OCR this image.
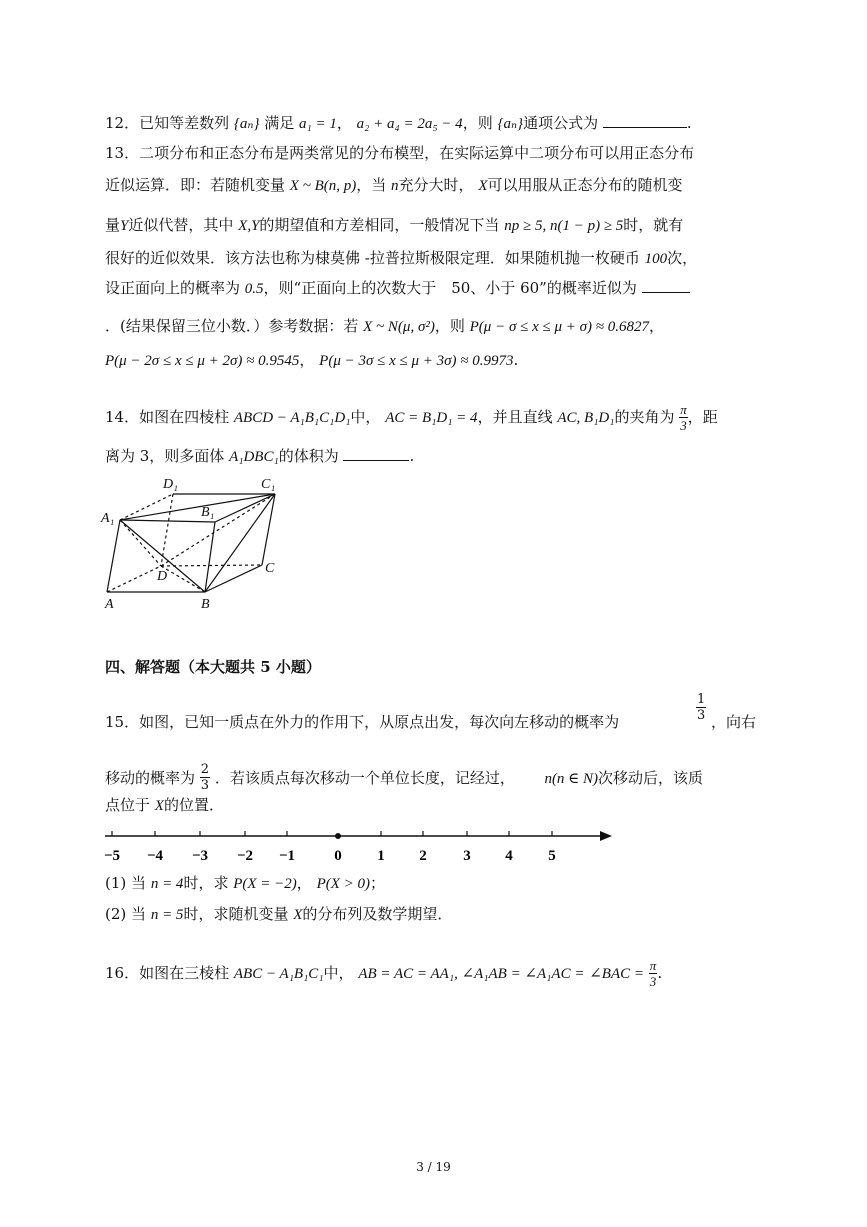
12．已知等差数列 {aₙ} 满足 a₁ = 1， a₂ + a₄ = 2a₅ − 4，则 {aₙ}通项公式为	.
13．二项分布和正态分布是两类常见的分布模型，在实际运算中二项分布可以用正态分布
近似运算．即：若随机变量 X ~ B(n, p)，当 n充分大时， X可以用服从正态分布的随机变
量Y近似代替，其中 X,Y的期望值和方差相同，一般情况下当 np ≥ 5, n(1 − p) ≥ 5时，就有
很好的近似效果．该方法也称为棣莫佛 -拉普拉斯极限定理．如果随机抛一枚硬币 100次，
设正面向上的概率为 0.5，则“正面向上的次数大于　50、小于 60”的概率近似为
．(结果保留三位小数．）参考数据：若 X ~ N(μ, σ²)，则 P(μ − σ ≤ x ≤ μ + σ) ≈ 0.6827，
P(μ − 2σ ≤ x ≤ μ + 2σ) ≈ 0.9545， P(μ − 3σ ≤ x ≤ μ + 3σ) ≈ 0.9973.
14．如图在四棱柱 ABCD − A₁B₁C₁D₁中， AC = B₁D₁ = 4，并且直线 AC, B₁D₁的夹角为 $\frac{\pi}{3}$ ，距
离为 3，则多面体 A₁DBC₁的体积为	.
D₁	C₁
A₁	B₁
C
D
A	B
四、解答题（本大题共 5 小题）
15．如图，已知一质点在外力的作用下，从原点出发，每次向左移动的概率为	$\frac{1}{3}$ ，向右
移动的概率为 $\frac{2}{3}$ ．若该质点每次移动一个单位长度，记经过， n(n ∈ N)次移动后，该质
点位于 X的位置．
−5 −4 −3 −2 −1	0 1 2 3 4 5
(1) 当 n = 4时，求 P(X = −2)， P(X > 0)；
(2) 当 n = 5时，求随机变量 X的分布列及数学期望．
16．如图在三棱柱 ABC − A₁B₁C₁中， AB = AC = AA₁, ∠A₁AB = ∠A₁AC = ∠BAC = $\frac{\pi}{3}$ .
3 / 19
